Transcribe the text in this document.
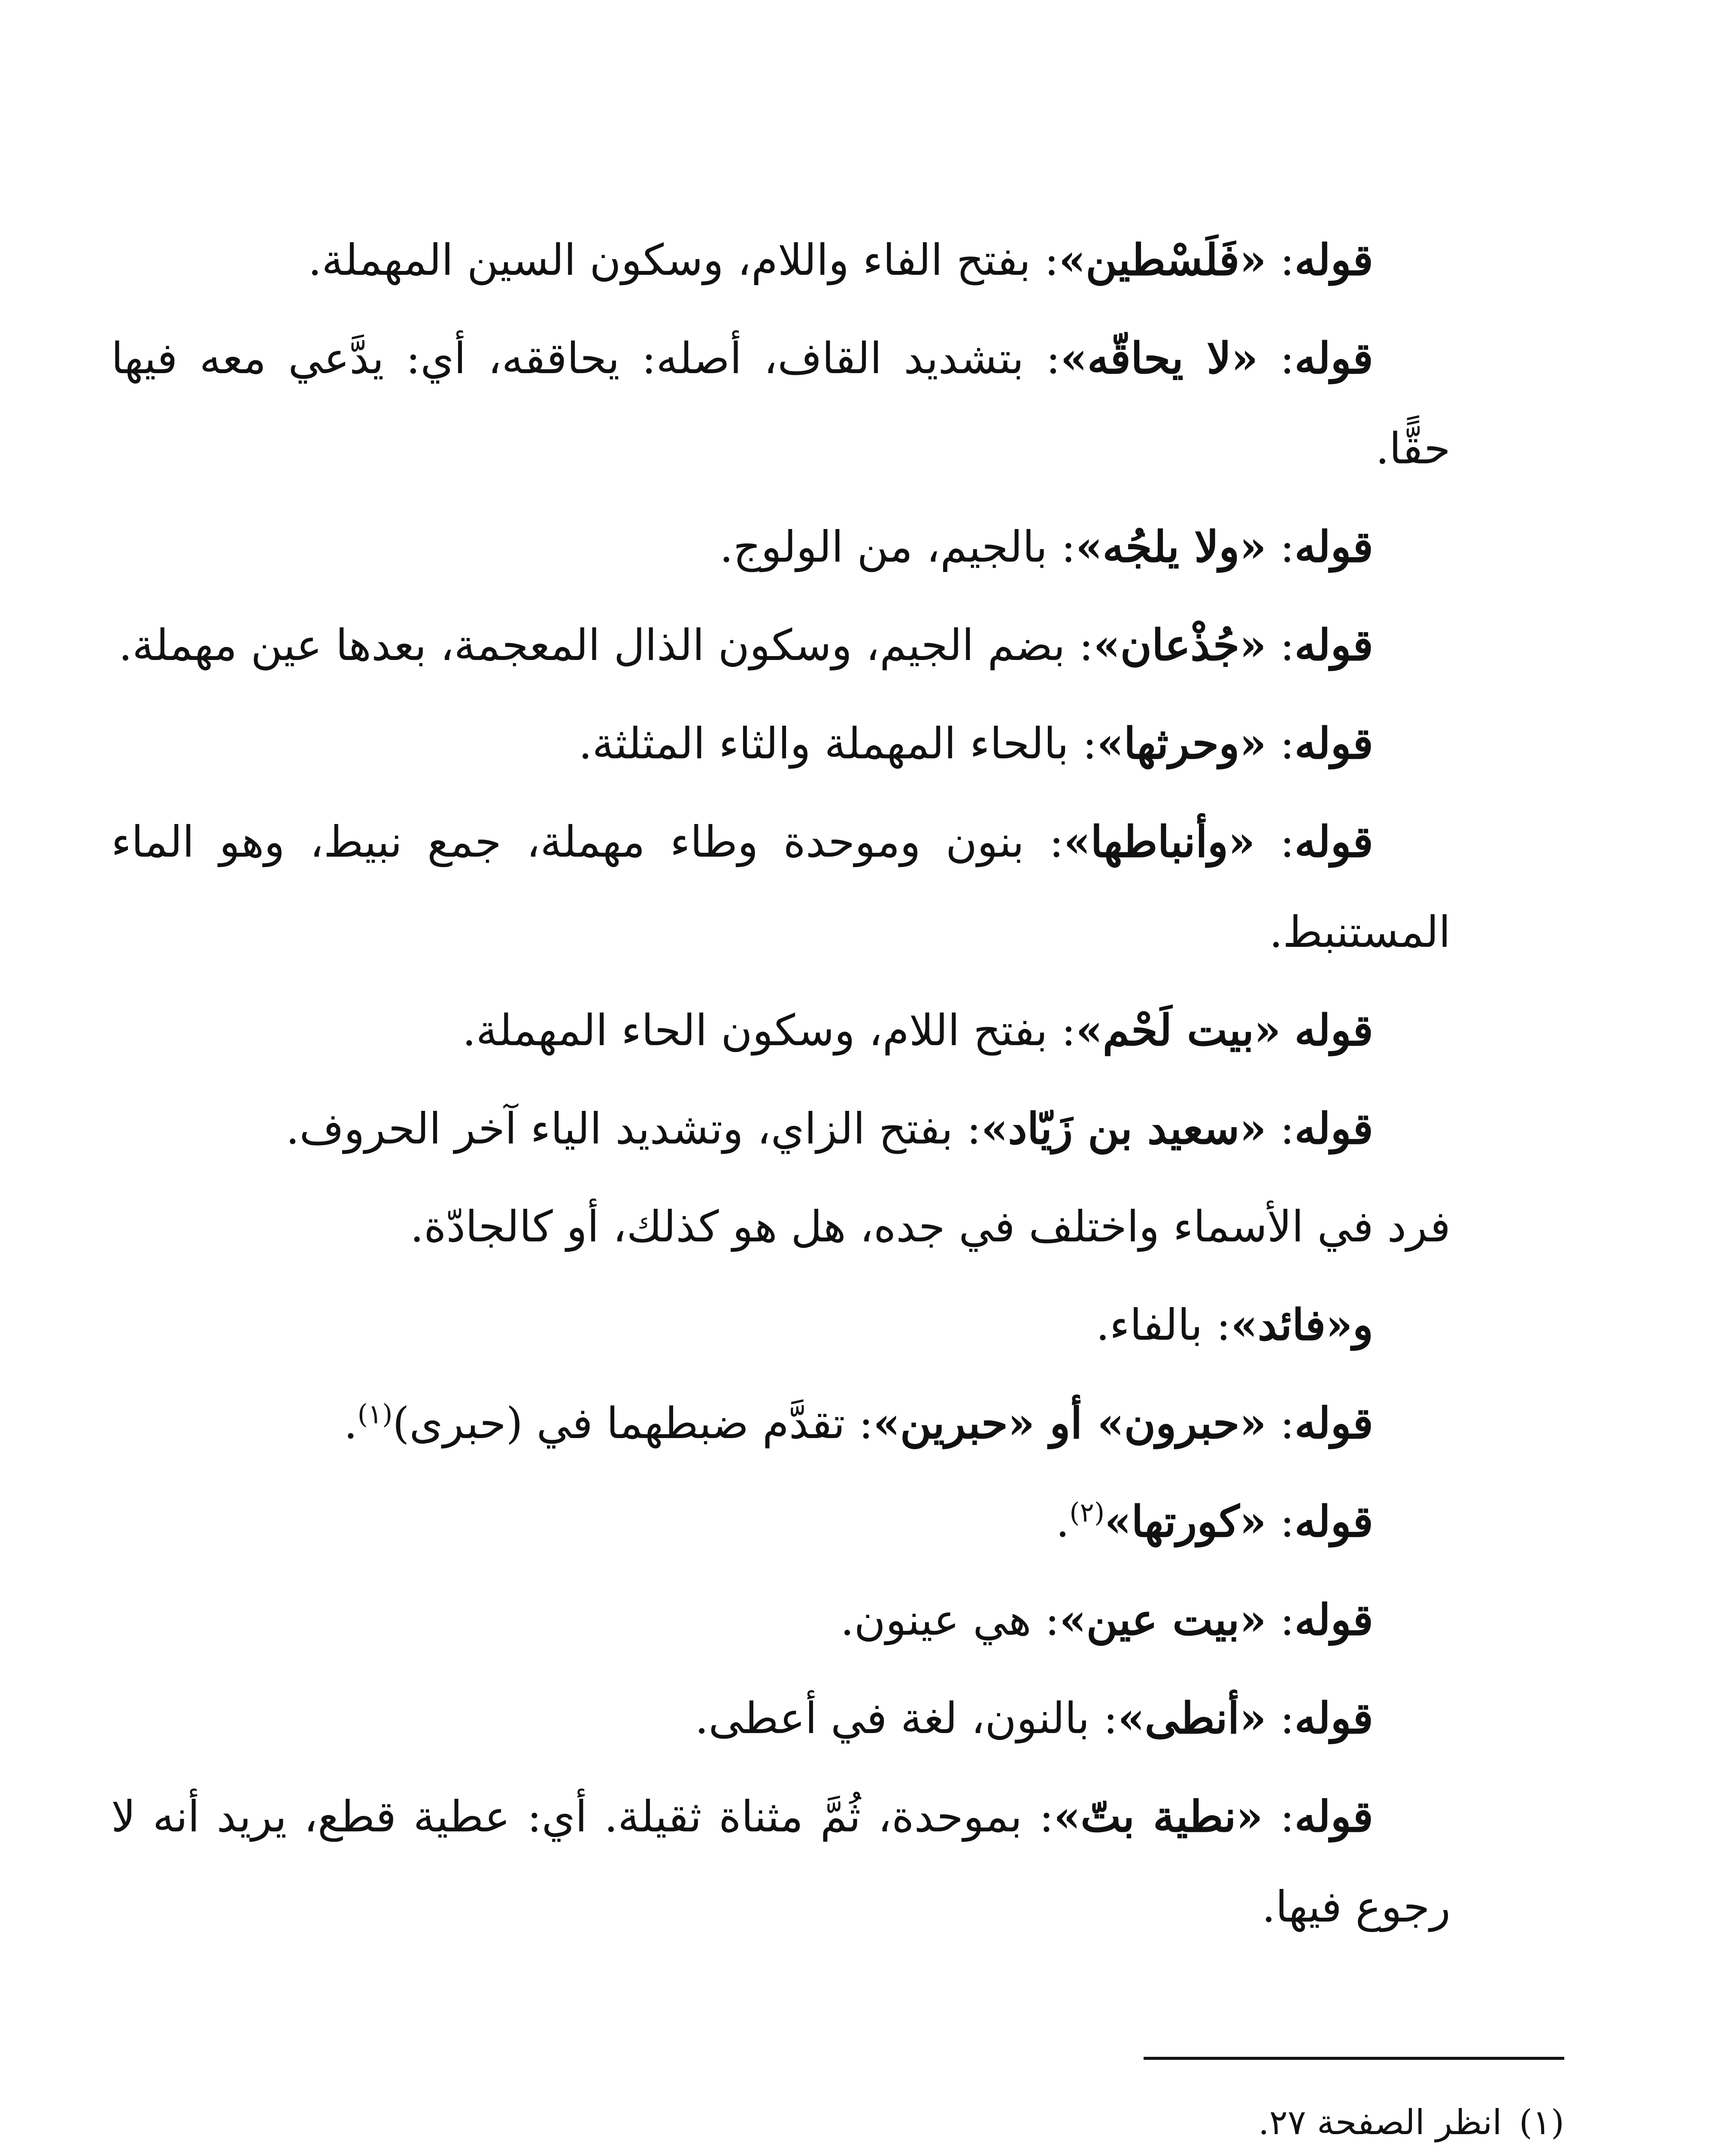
قوله: «فَلَسْطين»: بفتح الفاء واللام، وسكون السين المهملة.

قوله: «لا يحاقّه»: بتشديد القاف، أصله: يحاققه، أي: يدَّعي معه فيها حقًّا.

قوله: «ولا يلجُه»: بالجيم، من الولوج.

قوله: «جُذْعان»: بضم الجيم، وسكون الذال المعجمة، بعدها عين مهملة.

قوله: «وحرثها»: بالحاء المهملة والثاء المثلثة.

قوله: «وأنباطها»: بنون وموحدة وطاء مهملة، جمع نبيط، وهو الماء المستنبط.

قوله «بيت لَحْم»: بفتح اللام، وسكون الحاء المهملة.

قوله: «سعيد بن زَيّاد»: بفتح الزاي، وتشديد الياء آخر الحروف.

فرد في الأسماء واختلف في جده، هل هو كذلك، أو كالجادّة.

و«فائد»: بالفاء.

قوله: «حبرون» أو «حبرين»: تقدَّم ضبطهما في (حبرى)$^{(١)}$.

قوله: «كورتها»$^{(٢)}$.

قوله: «بيت عين»: هي عينون.

قوله: «أنطى»: بالنون، لغة في أعطى.

قوله: «نطية بتّ»: بموحدة، ثُمَّ مثناة ثقيلة. أي: عطية قطع، يريد أنه لا رجوع فيها.

(١)انظر الصفحة ٢٧.
